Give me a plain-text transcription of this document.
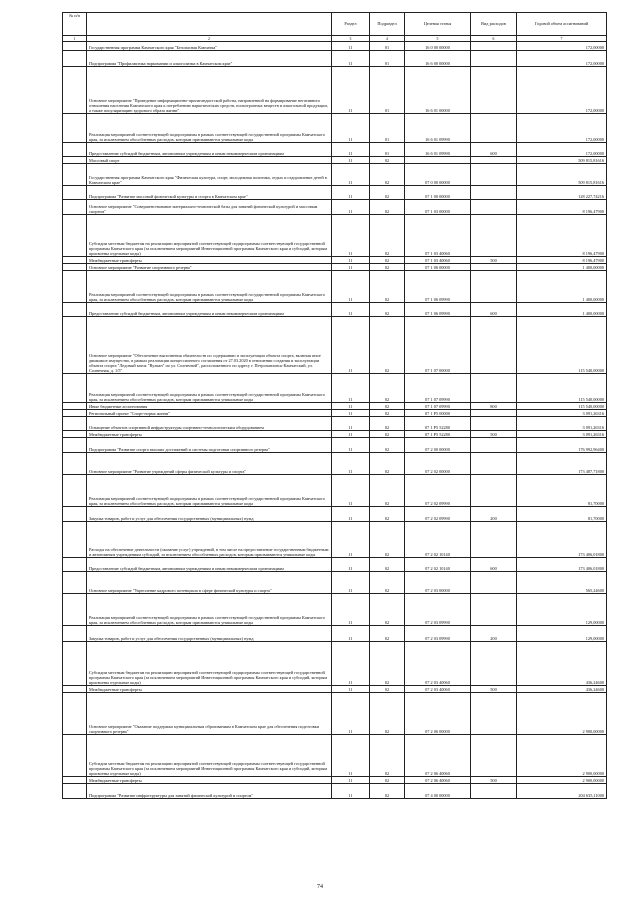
№ п/п		Раздел	Подраздел	Целевая статья	Вид расходов	Годовой объем ассигнований
1	2	3	4	5	6	7
	Государственная программа Камчатского края "Безопасная Камчатка"	11	01	16 0 00 00000		172,00000
	Подпрограмма "Профилактика наркомании и алкоголизма в Камчатском крае"	11	01	16 6 00 00000		172,00000
	Основное мероприятие "Проведение информационно-пропагандистской работы, направленной на формирование негативного отношения населения Камчатского края к потреблению наркотических средств, психотропных веществ и алкогольной продукции, а также популяризацию здорового образа жизни"	11	01	16 6 01 00000		172,00000
	Реализация мероприятий соответствующей подпрограммы в рамках соответствующей государственной программы Камчатского края, за исключением обособленных расходов, которым присваиваются уникальные коды	11	01	16 6 01 09990		172,00000
	Предоставление субсидий бюджетным, автономным учреждениям и иным некоммерческим организациям	11	01	16 6 01 09990	600	172,00000
	Массовый спорт	11	02			509 815,81616
	Государственная программа Камчатского края "Физическая культура, спорт, молодежная политика, отдых и оздоровление детей в Камчатском крае"	11	02	07 0 00 00000		509 815,81616
	Подпрограмма "Развитие массовой физической культуры и спорта в Камчатском крае"	11	02	07 1 00 00000		128 227,74216
	Основное мероприятие "Совершенствование материально-технической базы для занятий физической культурой и массовым спортом"	11	02	07 1 03 00000		8 196,47900
	Субсидии местным бюджетам на реализацию мероприятий соответствующей подпрограммы соответствующей государственной программы Камчатского края (за исключением мероприятий Инвестиционной программы Камчатского края и субсидий, которым присвоены отдельные коды)	11	02	07 1 03 40060		8 196,47900
	Межбюджетные трансферты	11	02	07 1 03 40060	500	8 196,47900
	Основное мероприятие "Развитие спортивного резерва"	11	02	07 1 06 00000		1 400,00000
	Реализация мероприятий соответствующей подпрограммы в рамках соответствующей государственной программы Камчатского края, за исключением обособленных расходов, которым присваиваются уникальные коды	11	02	07 1 06 09990		1 400,00000
	Предоставление субсидий бюджетным, автономным учреждениям и иным некоммерческим организациям	11	02	07 1 06 09990	600	1 400,00000
	Основное мероприятие "Обеспечение выполнения обязательств по содержанию и эксплуатации объекта спорта, включая иное движимое имущество, в рамках реализации концессионного соглашения от 27.03.2020 в отношении создания и эксплуатации объекта спорта "Ледовый каток "Вулкан" по ул. Солнечной", расположенного по адресу г. Петропавловск-Камчатский, ул. Солнечная, д. 1/5"	11	02	07 1 07 00000		115 540,00000
	Реализация мероприятий соответствующей подпрограммы в рамках соответствующей государственной программы Камчатского края, за исключением обособленных расходов, которым присваиваются уникальные коды	11	02	07 1 07 09990		115 540,00000
	Иные бюджетные ассигнования	11	02	07 1 07 09990	800	115 540,00000
	Региональный проект "Спорт-норма жизни"	11	02	07 1 P5 00000		3 091,26316
	Оснащение объектов спортивной инфраструктуры спортивно-технологическим оборудованием	11	02	07 1 P5 52280		3 091,26316
	Межбюджетные трансферты	11	02	07 1 P5 52280	500	3 091,26316
	Подпрограмма "Развитие спорта высших достижений и системы подготовки спортивного резерва"	11	02	07 2 00 00000		176 992,96400
	Основное мероприятие "Развитие учреждений сферы физической культуры и спорта"	11	02	07 2 02 00000		173 487,71800
	Реализация мероприятий соответствующей подпрограммы в рамках соответствующей государственной программы Камчатского края, за исключением обособленных расходов, которым присваиваются уникальные коды	11	02	07 2 02 09990		81,70000
	Закупка товаров, работ и услуг для обеспечения государственных (муниципальных) нужд	11	02	07 2 02 09990	200	81,70000
	Расходы на обеспечение деятельности (оказание услуг) учреждений, в том числе на предоставление государственным бюджетным и автономным учреждениям субсидий, за исключением обособленных расходов, которым присваиваются уникальные коды	11	02	07 2 02 10140		173 406,01800
	Предоставление субсидий бюджетным, автономным учреждениям и иным некоммерческим организациям	11	02	07 2 02 10140	600	173 406,01800
	Основное мероприятие "Укрепление кадрового потенциала в сфере физической культуры и спорта"	11	02	07 2 03 00000		565,24600
	Реализация мероприятий соответствующей подпрограммы в рамках соответствующей государственной программы Камчатского края, за исключением обособленных расходов, которым присваиваются уникальные коды	11	02	07 2 03 09990		129,00000
	Закупка товаров, работ и услуг для обеспечения государственных (муниципальных) нужд	11	02	07 2 03 09990	200	129,00000
	Субсидии местным бюджетам на реализацию мероприятий соответствующей подпрограммы соответствующей государственной программы Камчатского края (за исключением мероприятий Инвестиционной программы Камчатского края и субсидий, которым присвоены отдельные коды)	11	02	07 2 03 40060		436,24600
	Межбюджетные трансферты	11	02	07 2 03 40060	500	436,24600
	Основное мероприятие "Оказание поддержки муниципальным образованиям в Камчатском крае для обеспечения подготовки спортивного резерва"	11	02	07 2 06 00000		2 900,00000
	Субсидии местным бюджетам на реализацию мероприятий соответствующей подпрограммы соответствующей государственной программы Камчатского края (за исключением мероприятий Инвестиционной программы Камчатского края и субсидий, которым присвоены отдельные коды)	11	02	07 2 06 40060		2 900,00000
	Межбюджетные трансферты	11	02	07 2 06 40060	500	2 900,00000
	Подпрограмма "Развитие инфраструктуры для занятий физической культурой и спортом"	11	02	07 4 00 00000		204 635,11000
74
